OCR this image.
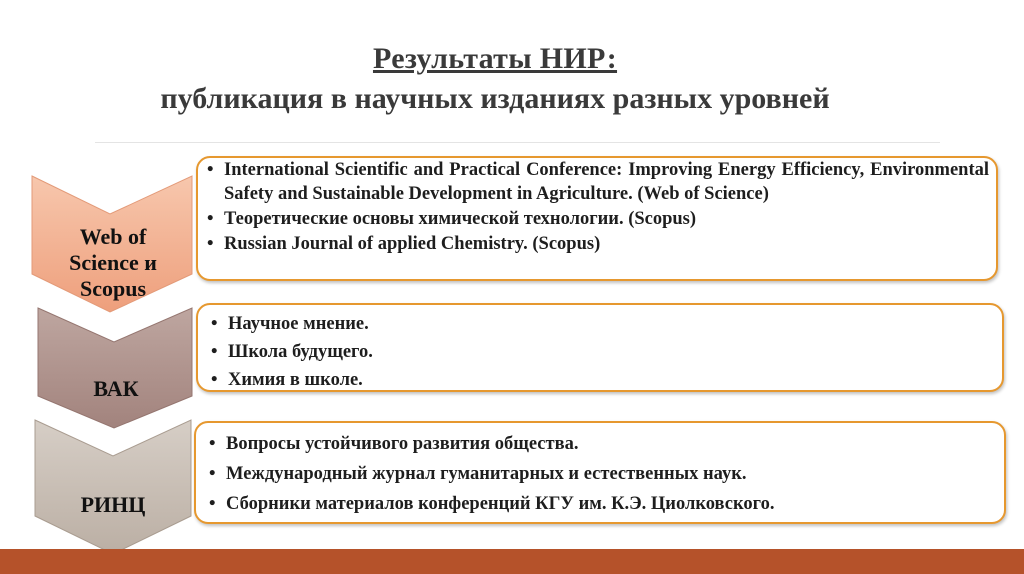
Результаты НИР:
публикация в научных изданиях разных уровней
Web of Science и Scopus
• International Scientific and Practical Conference: Improving Energy Efficiency, Environmental Safety and Sustainable Development in Agriculture. (Web of Science)
• Теоретические основы химической технологии. (Scopus)
• Russian Journal of applied Chemistry. (Scopus)
ВАК
• Научное мнение.
• Школа будущего.
• Химия в школе.
РИНЦ
• Вопросы устойчивого развития общества.
• Международный журнал гуманитарных и естественных наук.
• Сборники материалов конференций КГУ им. К.Э. Циолковского.
